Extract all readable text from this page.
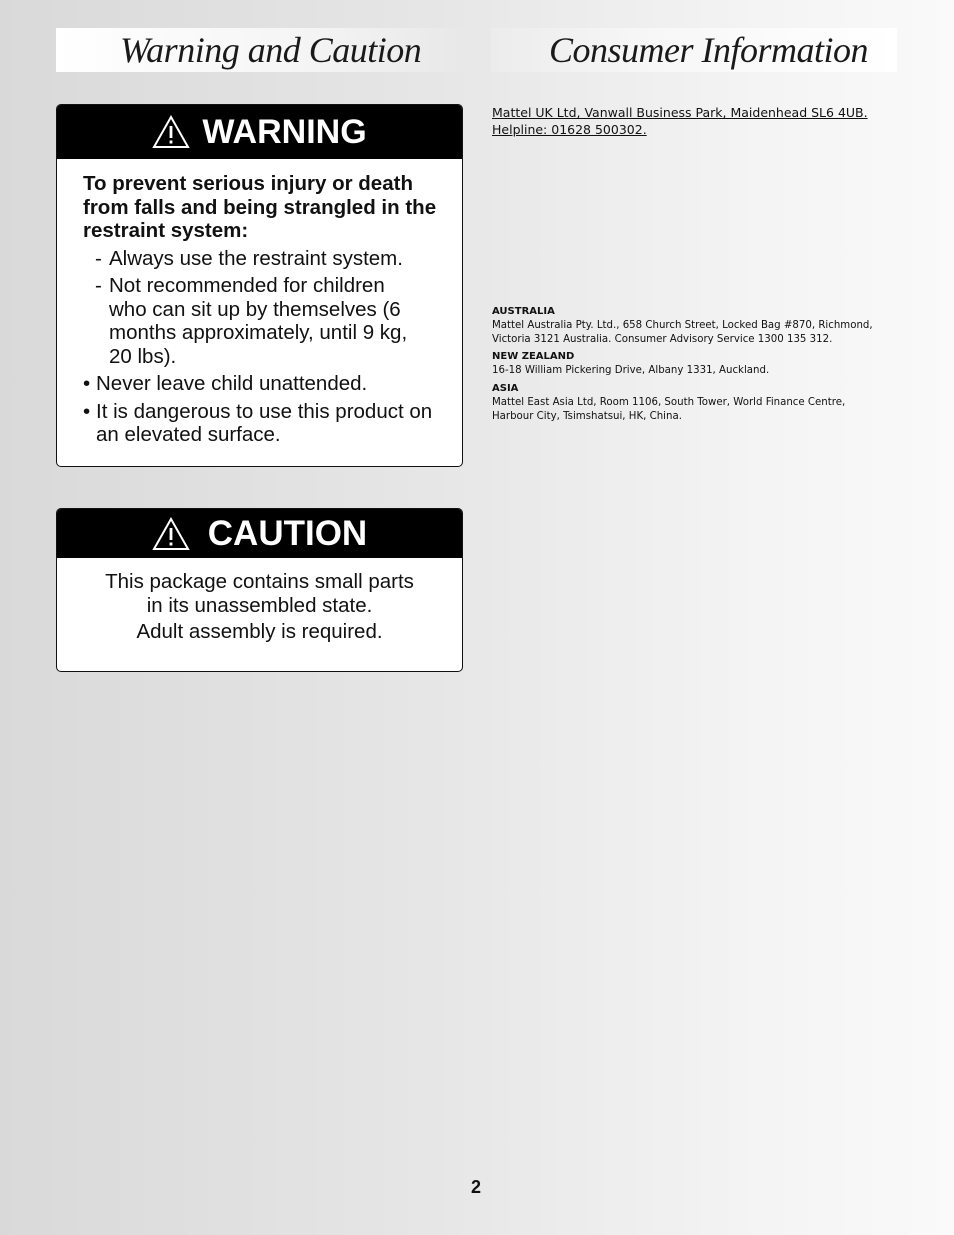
Warning and Caution	Consumer Information
WARNING
To prevent serious injury or death from falls and being strangled in the restraint system:
- Always use the restraint system.
- Not recommended for children who can sit up by themselves (6 months approximately, until 9 kg, 20 lbs).
• Never leave child unattended.
• It is dangerous to use this product on an elevated surface.
CAUTION
This package contains small parts
in its unassembled state.
Adult assembly is required.
Mattel UK Ltd, Vanwall Business Park, Maidenhead SL6 4UB.
Helpline: 01628 500302.
AUSTRALIA
Mattel Australia Pty. Ltd., 658 Church Street, Locked Bag #870, Richmond,
Victoria 3121 Australia. Consumer Advisory Service 1300 135 312.
NEW ZEALAND
16-18 William Pickering Drive, Albany 1331, Auckland.
ASIA
Mattel East Asia Ltd, Room 1106, South Tower, World Finance Centre,
Harbour City, Tsimshatsui, HK, China.
2
